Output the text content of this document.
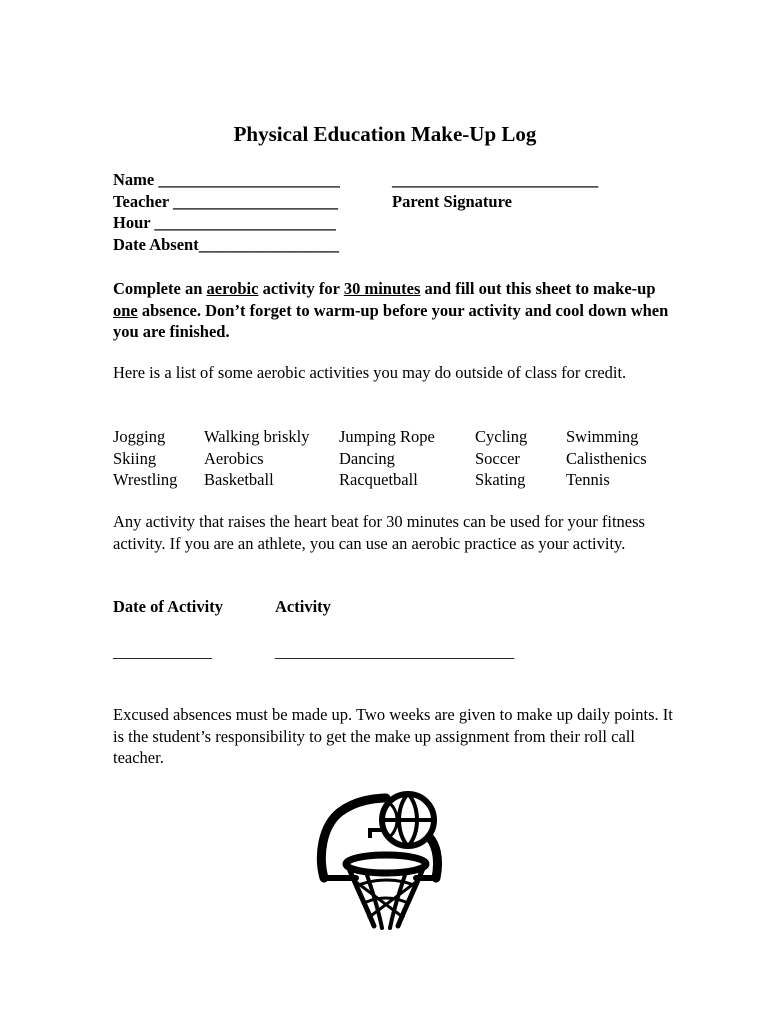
Physical Education Make-Up Log
Name ______________________
Teacher ____________________
Hour ______________________
Date Absent_________________
_________________________
Parent Signature
Complete an aerobic activity for 30 minutes and fill out this sheet to make-up one absence. Don’t forget to warm-up before your activity and cool down when you are finished.
Here is a list of some aerobic activities you may do outside of class for credit.
Jogging
Skiing
Wrestling
Walking briskly
Aerobics
Basketball
Jumping Rope
Dancing
Racquetball
Cycling
Soccer
Skating
Swimming
Calisthenics
Tennis
Any activity that raises the heart beat for 30 minutes can be used for your fitness activity. If you are an athlete, you can use an aerobic practice as your activity.
Date of Activity	Activity
____________	_____________________________
Excused absences must be made up. Two weeks are given to make up daily points. It is the student’s responsibility to get the make up assignment from their roll call teacher.
